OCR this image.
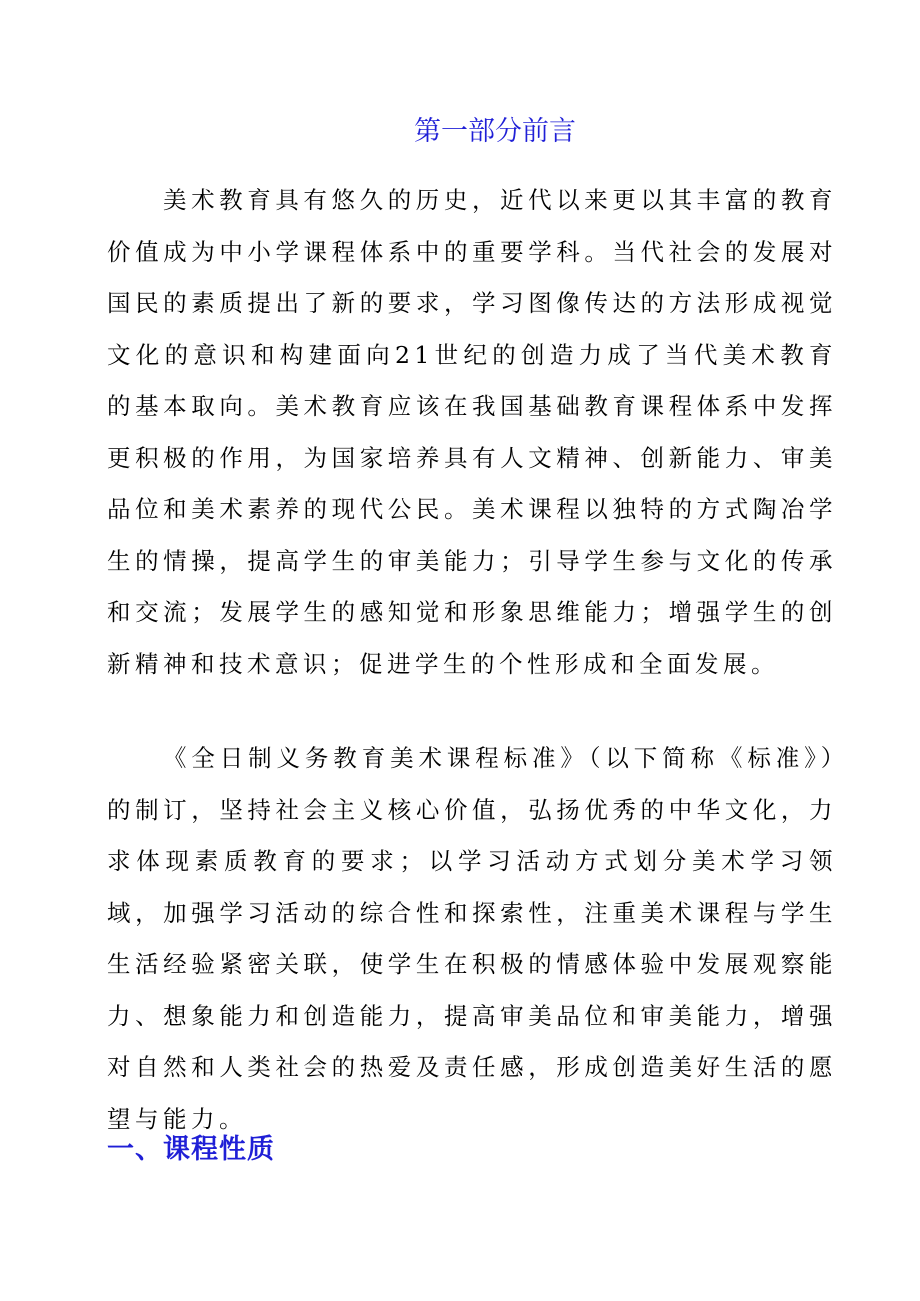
第一部分前言

美术教育具有悠久的历史，近代以来更以其丰富的教育价值成为中小学课程体系中的重要学科。当代社会的发展对国民的素质提出了新的要求，学习图像传达的方法形成视觉文化的意识和构建面向21世纪的创造力成了当代美术教育的基本取向。美术教育应该在我国基础教育课程体系中发挥更积极的作用，为国家培养具有人文精神、创新能力、审美品位和美术素养的现代公民。美术课程以独特的方式陶冶学生的情操，提高学生的审美能力；引导学生参与文化的传承和交流；发展学生的感知觉和形象思维能力；增强学生的创新精神和技术意识；促进学生的个性形成和全面发展。

《全日制义务教育美术课程标准》（以下简称《标准》）的制订，坚持社会主义核心价值，弘扬优秀的中华文化，力求体现素质教育的要求；以学习活动方式划分美术学习领域，加强学习活动的综合性和探索性，注重美术课程与学生生活经验紧密关联，使学生在积极的情感体验中发展观察能力、想象能力和创造能力，提高审美品位和审美能力，增强对自然和人类社会的热爱及责任感，形成创造美好生活的愿望与能力。

一、课程性质
